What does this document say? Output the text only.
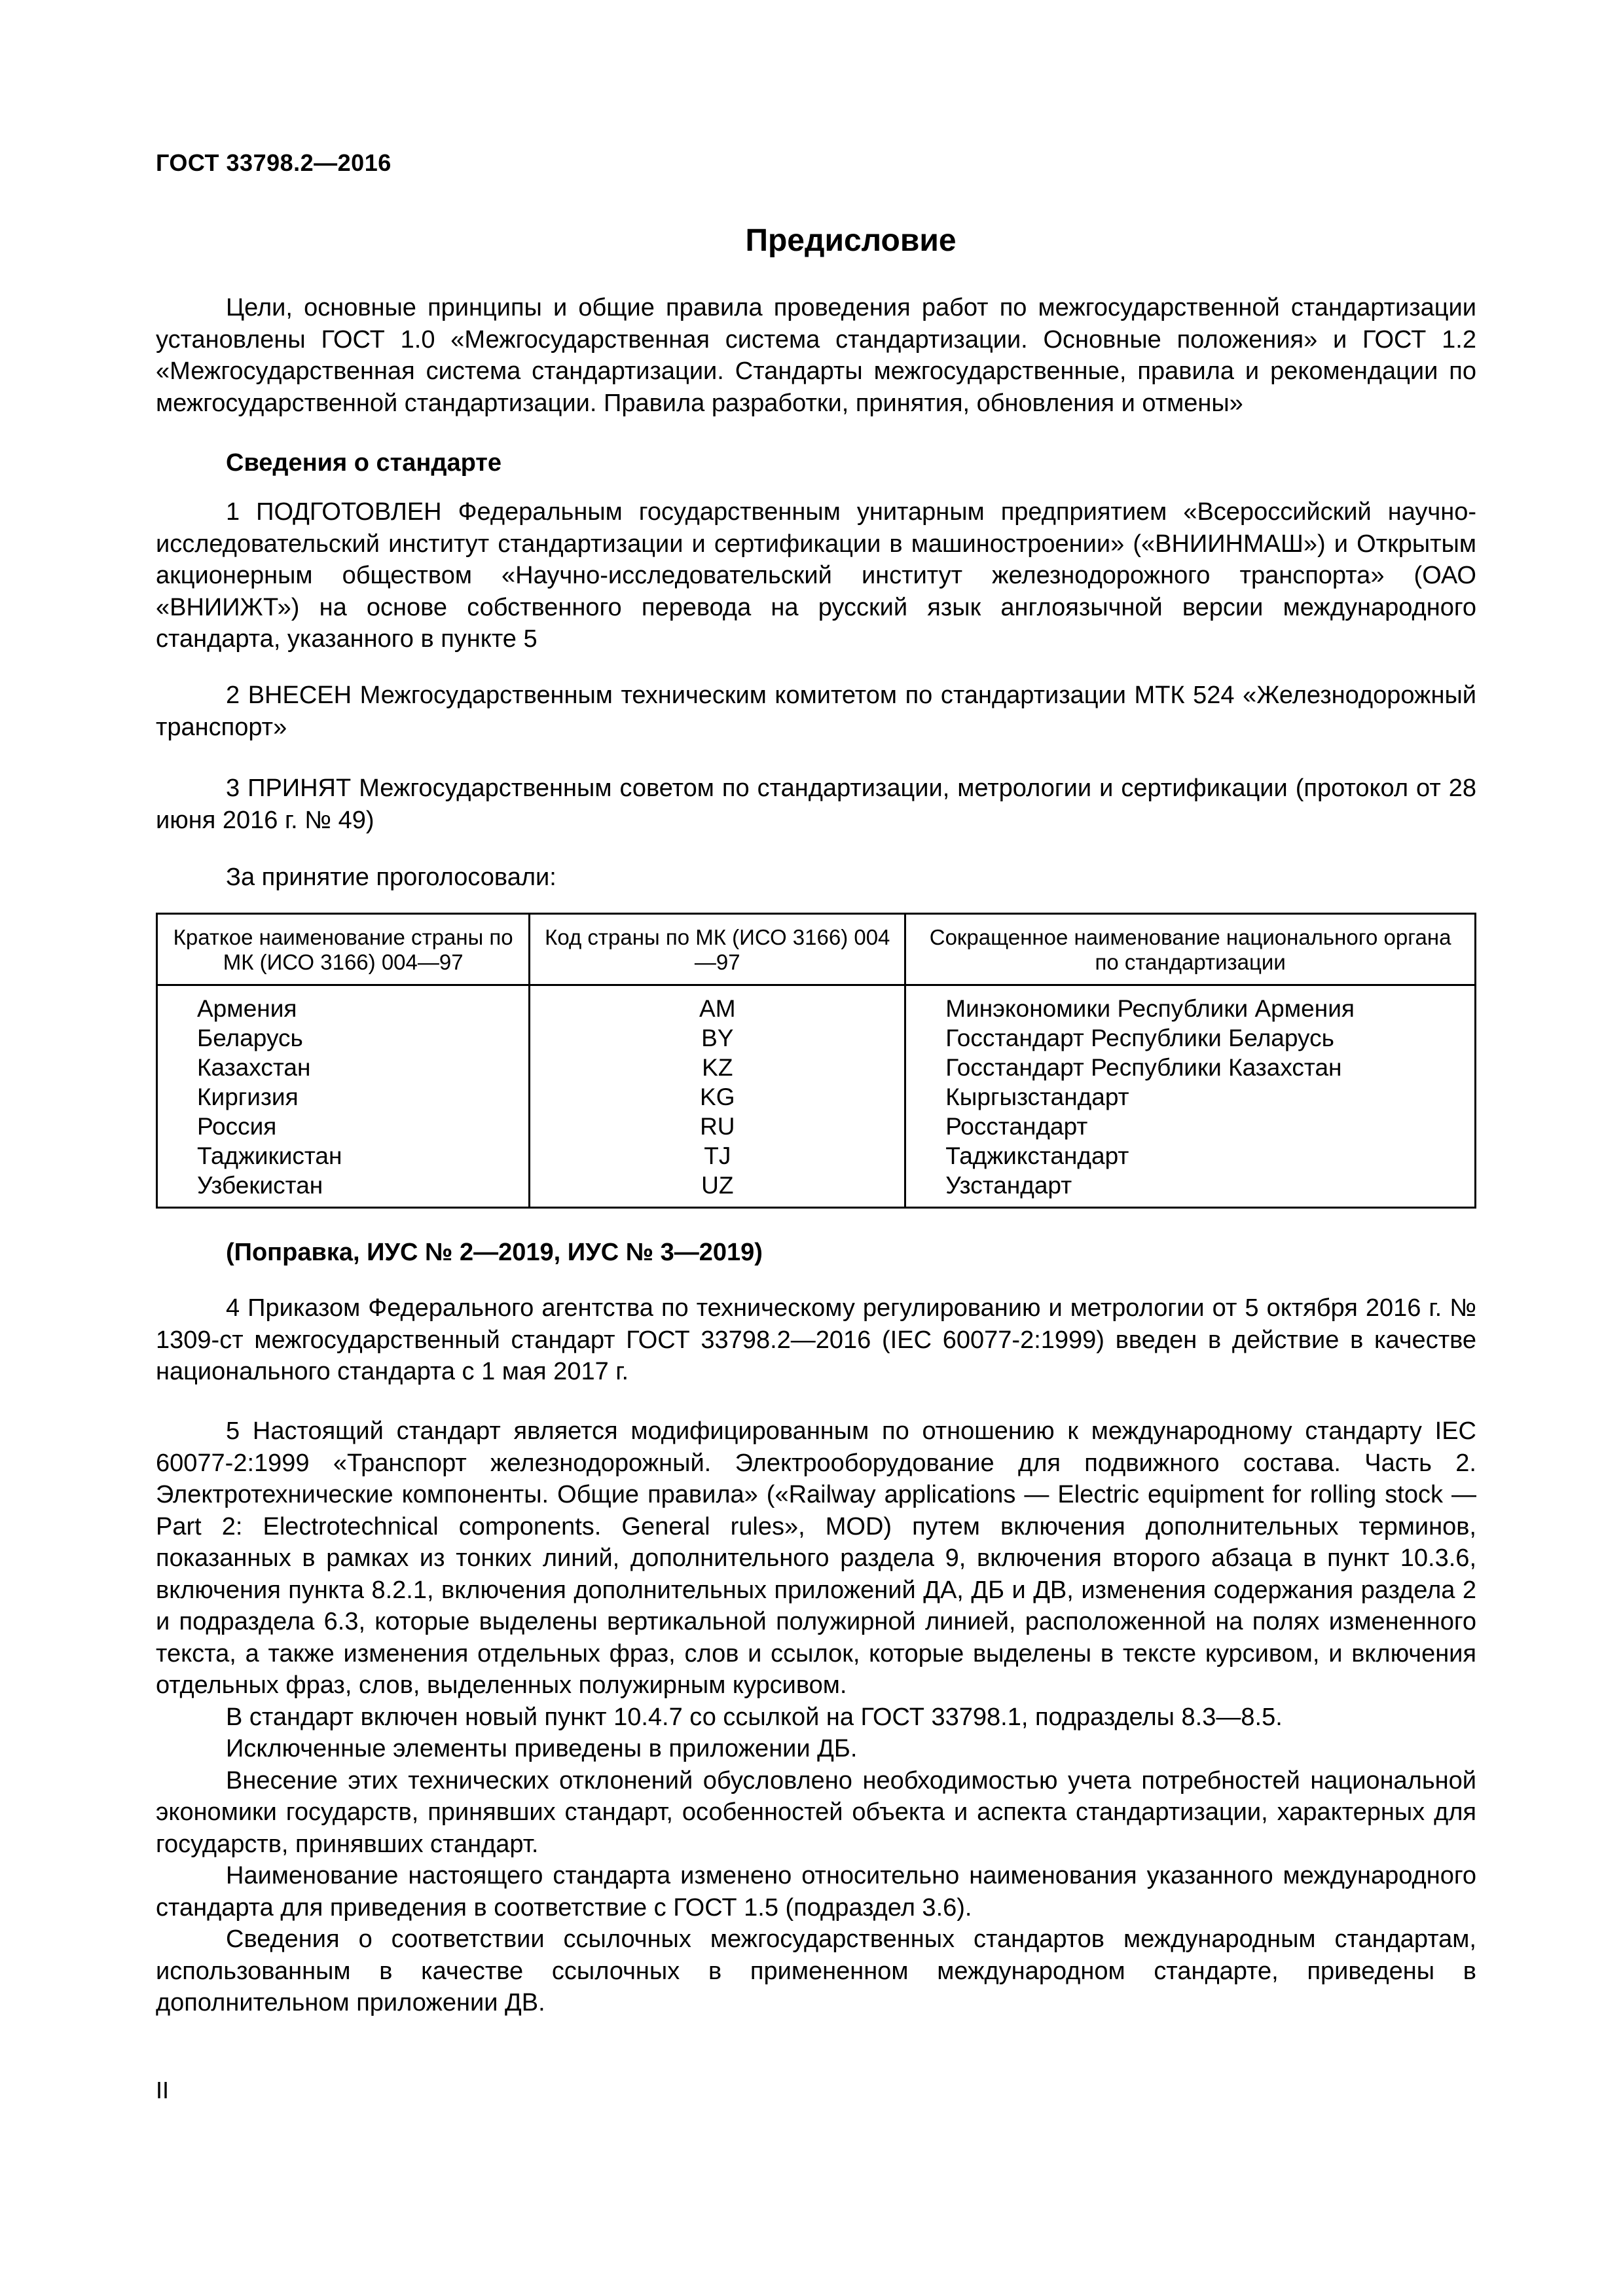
ГОСТ 33798.2—2016
Предисловие

Цели, основные принципы и общие правила проведения работ по межгосударственной стандартизации установлены ГОСТ 1.0 «Межгосударственная система стандартизации. Основные положения» и ГОСТ 1.2 «Межгосударственная система стандартизации. Стандарты межгосударственные, правила и рекомендации по межгосударственной стандартизации. Правила разработки, принятия, обновления и отмены»

Сведения о стандарте

1 ПОДГОТОВЛЕН Федеральным государственным унитарным предприятием «Всероссийский научно-исследовательский институт стандартизации и сертификации в машиностроении» («ВНИИНМАШ») и Открытым акционерным обществом «Научно-исследовательский институт железнодорожного транспорта» (ОАО «ВНИИЖТ») на основе собственного перевода на русский язык англоязычной версии международного стандарта, указанного в пункте 5

2 ВНЕСЕН Межгосударственным техническим комитетом по стандартизации МТК 524 «Железнодорожный транспорт»

3 ПРИНЯТ Межгосударственным советом по стандартизации, метрологии и сертификации (протокол от 28 июня 2016 г. № 49)

За принятие проголосовали:

Краткое наименование страны по МК (ИСО 3166) 004—97	Код страны по МК (ИСО 3166) 004—97	Сокращенное наименование национального органа по стандартизации
Армения	AM	Минэкономики Республики Армения
Беларусь	BY	Госстандарт Республики Беларусь
Казахстан	KZ	Госстандарт Республики Казахстан
Киргизия	KG	Кыргызстандарт
Россия	RU	Росстандарт
Таджикистан	TJ	Таджикстандарт
Узбекистан	UZ	Узстандарт
(Поправка, ИУС № 2—2019, ИУС № 3—2019)

4 Приказом Федерального агентства по техническому регулированию и метрологии от 5 октября 2016 г. № 1309-ст межгосударственный стандарт ГОСТ 33798.2—2016 (IEC 60077-2:1999) введен в действие в качестве национального стандарта с 1 мая 2017 г.

5 Настоящий стандарт является модифицированным по отношению к международному стандарту IEC 60077-2:1999 «Транспорт железнодорожный. Электрооборудование для подвижного состава. Часть 2. Электротехнические компоненты. Общие правила» («Railway applications — Electric equipment for rolling stock — Part 2: Electrotechnical components. General rules», MOD) путем включения дополнительных терминов, показанных в рамках из тонких линий, дополнительного раздела 9, включения второго абзаца в пункт 10.3.6, включения пункта 8.2.1, включения дополнительных приложений ДА, ДБ и ДВ, изменения содержания раздела 2 и подраздела 6.3, которые выделены вертикальной полужирной линией, расположенной на полях измененного текста, а также изменения отдельных фраз, слов и ссылок, которые выделены в тексте курсивом, и включения отдельных фраз, слов, выделенных полужирным курсивом.

В стандарт включен новый пункт 10.4.7 со ссылкой на ГОСТ 33798.1, подразделы 8.3—8.5.

Исключенные элементы приведены в приложении ДБ.

Внесение этих технических отклонений обусловлено необходимостью учета потребностей национальной экономики государств, принявших стандарт, особенностей объекта и аспекта стандартизации, характерных для государств, принявших стандарт.

Наименование настоящего стандарта изменено относительно наименования указанного международного стандарта для приведения в соответствие с ГОСТ 1.5 (подраздел 3.6).

Сведения о соответствии ссылочных межгосударственных стандартов международным стандартам, использованным в качестве ссылочных в примененном международном стандарте, приведены в дополнительном приложении ДВ.

II
